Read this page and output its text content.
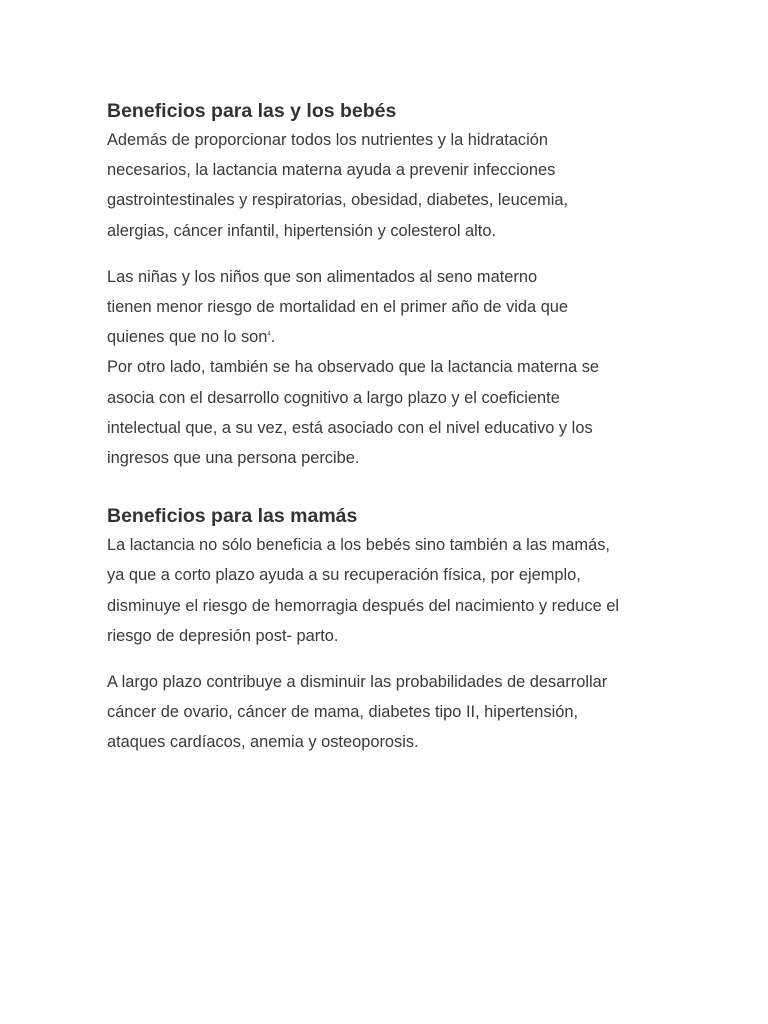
Beneficios para las y los bebés

Además de proporcionar todos los nutrientes y la hidratación
necesarios, la lactancia materna ayuda a prevenir infecciones
gastrointestinales y respiratorias, obesidad, diabetes, leucemia,
alergias, cáncer infantil, hipertensión y colesterol alto.

Las niñas y los niños que son alimentados al seno materno
tienen menor riesgo de mortalidad en el primer año de vida que
quienes que no lo son$^4$.
Por otro lado, también se ha observado que la lactancia materna se
asocia con el desarrollo cognitivo a largo plazo y el coeficiente
intelectual que, a su vez, está asociado con el nivel educativo y los
ingresos que una persona percibe.

Beneficios para las mamás

La lactancia no sólo beneficia a los bebés sino también a las mamás,
ya que a corto plazo ayuda a su recuperación física, por ejemplo,
disminuye el riesgo de hemorragia después del nacimiento y reduce el
riesgo de depresión post- parto.

A largo plazo contribuye a disminuir las probabilidades de desarrollar
cáncer de ovario, cáncer de mama, diabetes tipo II, hipertensión,
ataques cardíacos, anemia y osteoporosis.
